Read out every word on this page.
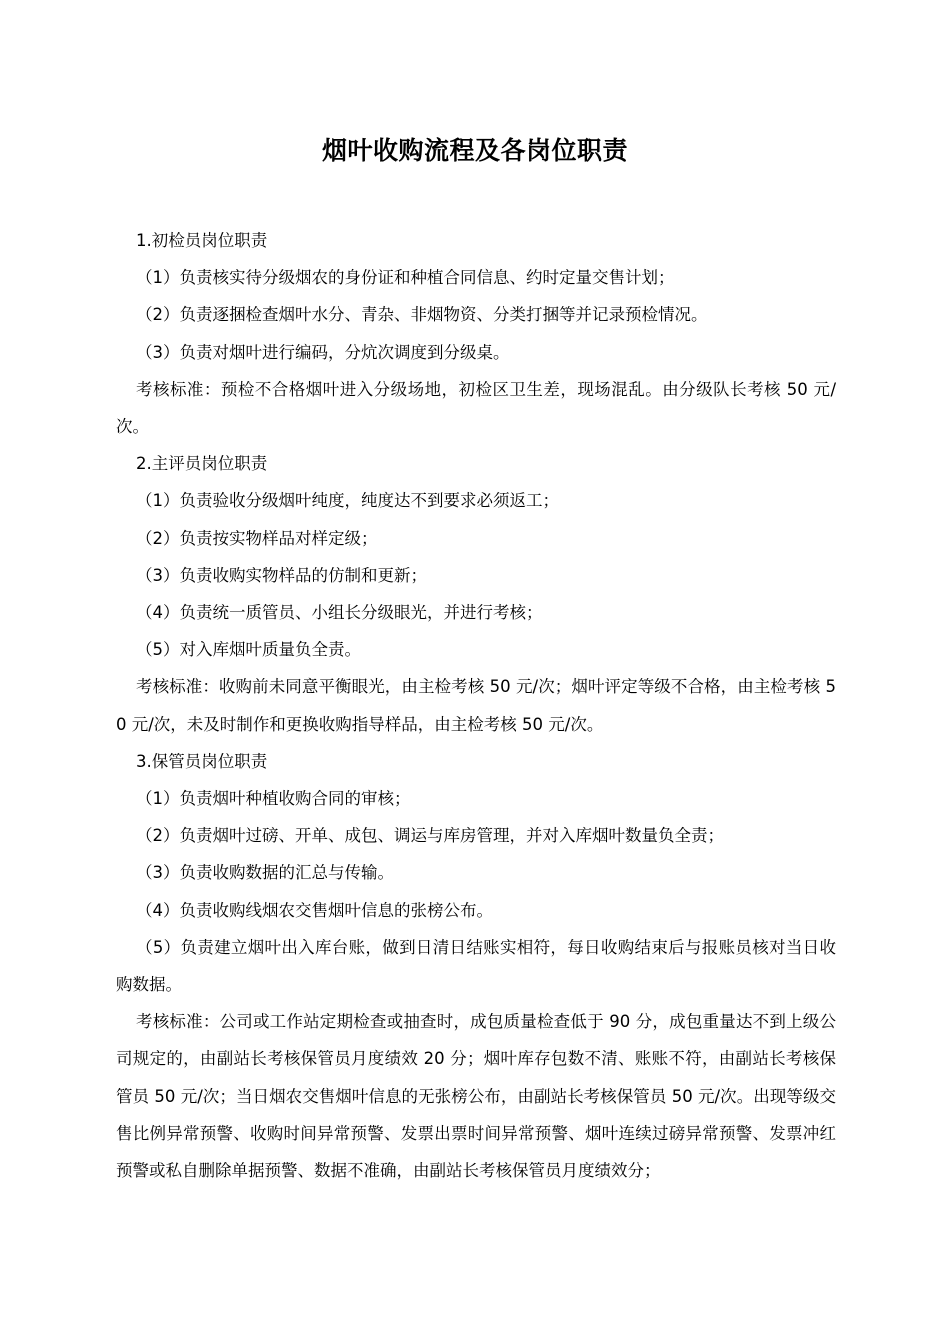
烟叶收购流程及各岗位职责

1.初检员岗位职责

（1）负责核实待分级烟农的身份证和种植合同信息、约时定量交售计划；

（2）负责逐捆检查烟叶水分、青杂、非烟物资、分类打捆等并记录预检情况。

（3）负责对烟叶进行编码，分炕次调度到分级桌。

考核标准：预检不合格烟叶进入分级场地，初检区卫生差，现场混乱。由分级队长考核 50 元/次。

2.主评员岗位职责

（1）负责验收分级烟叶纯度，纯度达不到要求必须返工；

（2）负责按实物样品对样定级；

（3）负责收购实物样品的仿制和更新；

（4）负责统一质管员、小组长分级眼光，并进行考核；

（5）对入库烟叶质量负全责。

考核标准：收购前未同意平衡眼光，由主检考核 50 元/次；烟叶评定等级不合格，由主检考核 50 元/次，未及时制作和更换收购指导样品，由主检考核 50 元/次。

3.保管员岗位职责

（1）负责烟叶种植收购合同的审核；

（2）负责烟叶过磅、开单、成包、调运与库房管理，并对入库烟叶数量负全责；

（3）负责收购数据的汇总与传输。

（4）负责收购线烟农交售烟叶信息的张榜公布。

（5）负责建立烟叶出入库台账，做到日清日结账实相符，每日收购结束后与报账员核对当日收购数据。

考核标准：公司或工作站定期检查或抽查时，成包质量检查低于 90 分，成包重量达不到上级公司规定的，由副站长考核保管员月度绩效 20 分；烟叶库存包数不清、账账不符，由副站长考核保管员 50 元/次；当日烟农交售烟叶信息的无张榜公布，由副站长考核保管员 50 元/次。出现等级交售比例异常预警、收购时间异常预警、发票出票时间异常预警、烟叶连续过磅异常预警、发票冲红预警或私自删除单据预警、数据不准确，由副站长考核保管员月度绩效分；
